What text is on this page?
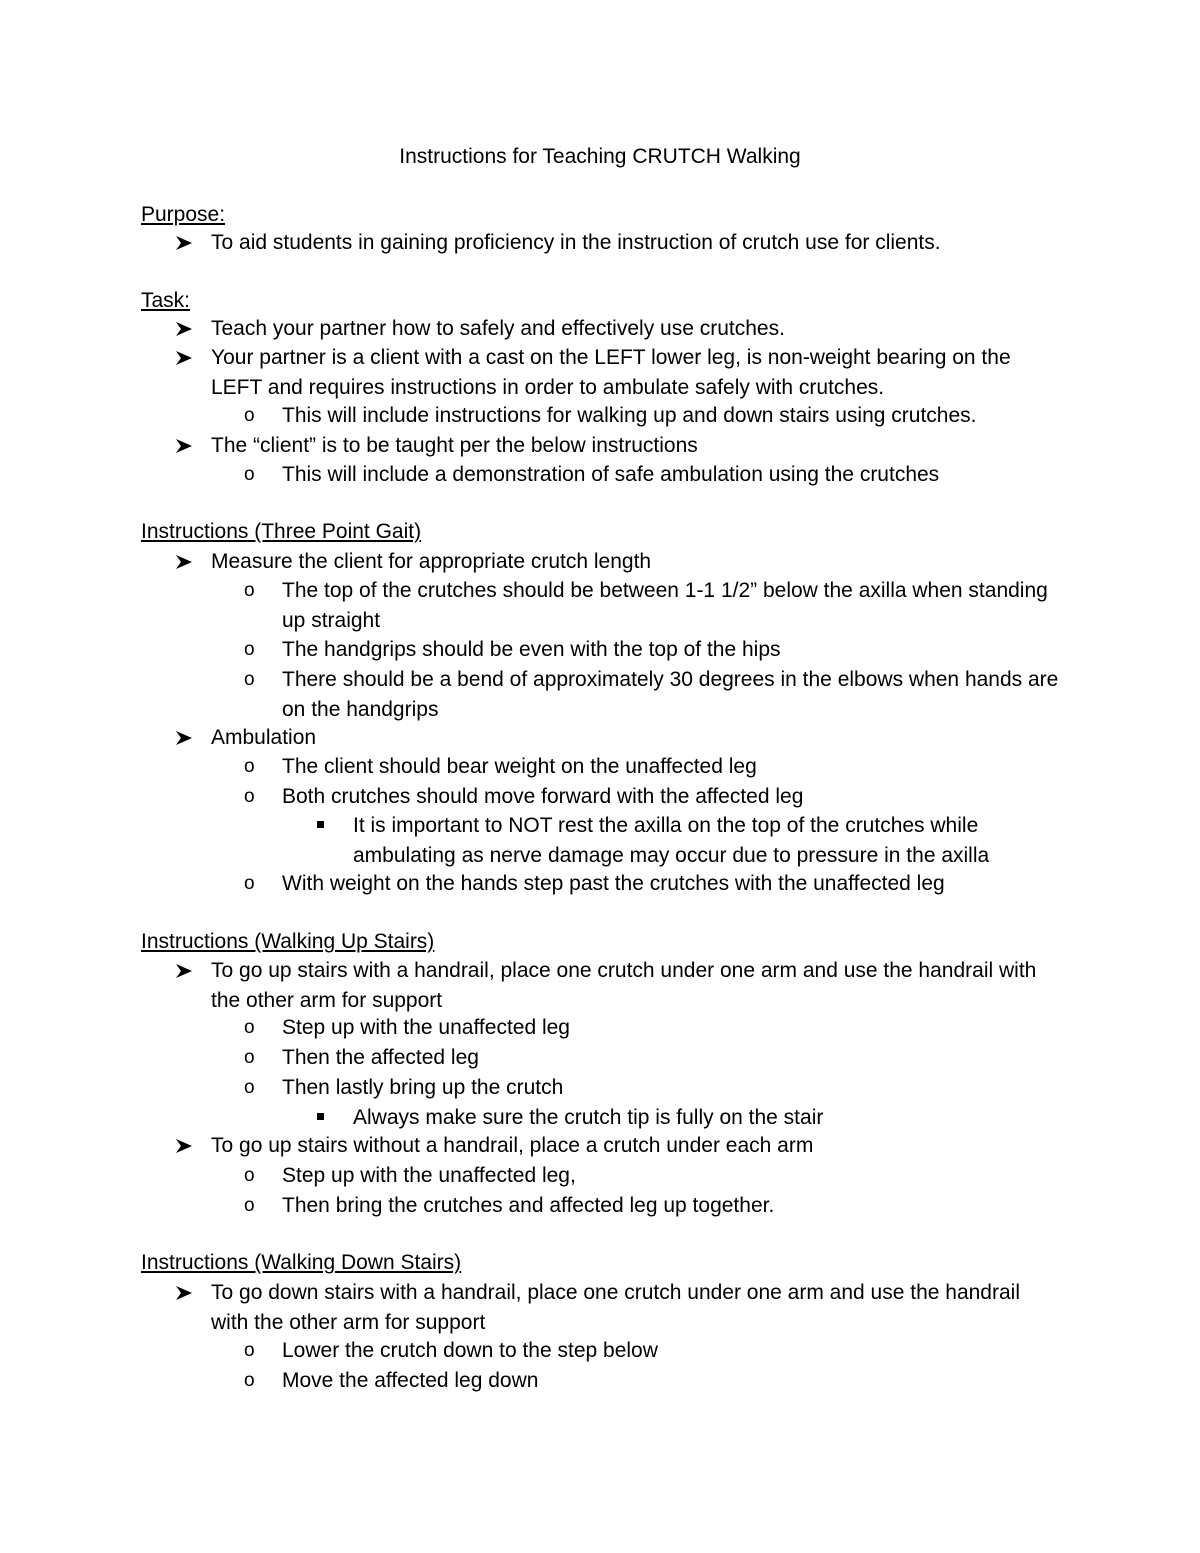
Instructions for Teaching CRUTCH Walking
Purpose:
To aid students in gaining proficiency in the instruction of crutch use for clients.
Task:
Teach your partner how to safely and effectively use crutches.
Your partner is a client with a cast on the LEFT lower leg, is non-weight bearing on the LEFT and requires instructions in order to ambulate safely with crutches.
o	This will include instructions for walking up and down stairs using crutches.
The “client” is to be taught per the below instructions
o	This will include a demonstration of safe ambulation using the crutches
Instructions (Three Point Gait)
Measure the client for appropriate crutch length
o	The top of the crutches should be between 1-1 1/2” below the axilla when standing up straight
o	The handgrips should be even with the top of the hips
o	There should be a bend of approximately 30 degrees in the elbows when hands are on the handgrips
Ambulation
o	The client should bear weight on the unaffected leg
o	Both crutches should move forward with the affected leg
It is important to NOT rest the axilla on the top of the crutches while ambulating as nerve damage may occur due to pressure in the axilla
o	With weight on the hands step past the crutches with the unaffected leg
Instructions (Walking Up Stairs)
To go up stairs with a handrail, place one crutch under one arm and use the handrail with the other arm for support
o	Step up with the unaffected leg
o	Then the affected leg
o	Then lastly bring up the crutch
Always make sure the crutch tip is fully on the stair
To go up stairs without a handrail, place a crutch under each arm
o	Step up with the unaffected leg,
o	Then bring the crutches and affected leg up together.
Instructions (Walking Down Stairs)
To go down stairs with a handrail, place one crutch under one arm and use the handrail with the other arm for support
o	Lower the crutch down to the step below
o	Move the affected leg down
